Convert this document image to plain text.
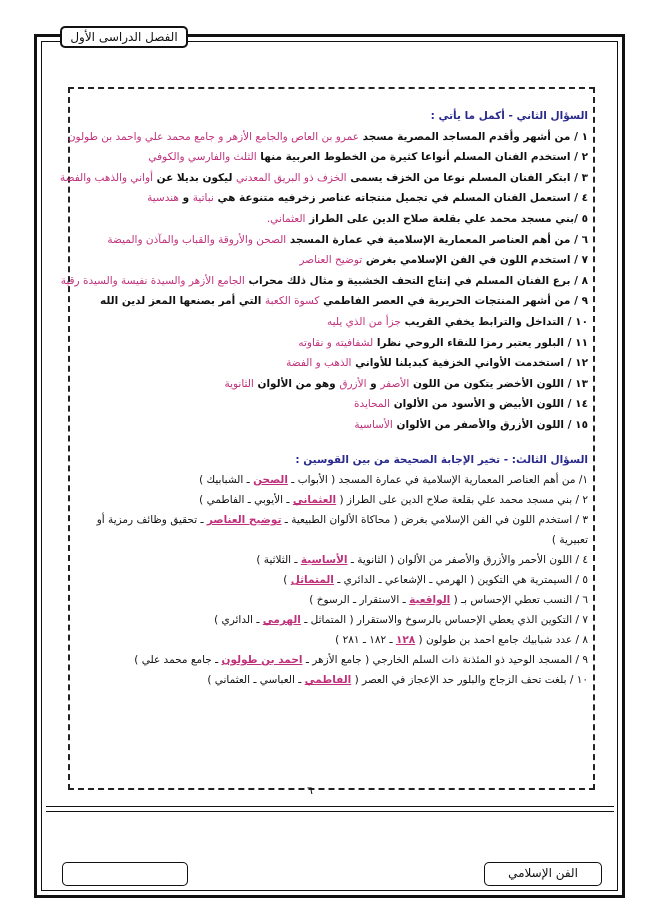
الفصل الدراسى الأول

السؤال الثاني - أكمل ما يأتي :

١ / من أشهر وأقدم المساجد المصرية مسجد عمرو بن العاص والجامع الأزهر و جامع محمد علي واحمد بن طولون

٢ / استخدم الفنان المسلم أنواعا كثيرة من الخطوط العربية منها الثلث والفارسي والكوفي

٣ / ابتكر الفنان المسلم نوعا من الخزف يسمى الخزف ذو البريق المعدني ليكون بديلا عن أواني والذهب والفضة

٤ / استعمل الفنان المسلم في تجميل منتجاته عناصر زخرفيه متنوعة هي نباتية و هندسية

٥ /بني مسجد محمد علي بقلعة صلاح الدين على الطراز العثماني.

٦ / من أهم العناصر المعمارية الإسلامية في عمارة المسجد الصحن والأروقة والقباب والمآذن والميضة

٧ / استخدم اللون في الفن الإسلامي بغرض توضيح العناصر

٨ / برع الفنان المسلم في إنتاج التحف الخشبية و مثال ذلك محراب الجامع الأزهر والسيدة نفيسة والسيدة رقية

٩ / من أشهر المنتجات الحريرية في العصر الفاطمي كسوة الكعبة التي أمر بصنعها المعز لدين الله

١٠ / التداخل والترابط يخفي القريب جزأ من الذي يليه

١١ / البلور يعتبر رمزا للنقاء الروحي نظرا لشفافيته و نقاوته

١٢ / استخدمت الأواني الخزفية كبديلنا للأواني الذهب و الفضة

١٣ / اللون الأخضر يتكون من اللون الأصفر و الأزرق وهو من الألوان الثانوية

١٤ / اللون الأبيض و الأسود من الألوان المحايدة

١٥ / اللون الأزرق والأصفر من الألوان الأساسية

السؤال الثالث: - تخير الإجابة الصحيحة من بين القوسين :

١/ من أهم العناصر المعمارية الإسلامية في عمارة المسجد ( الأبواب ـ الصحن ـ الشبابيك )

٢ / بني مسجد محمد علي بقلعة صلاح الدين على الطراز ( العثماني ـ الأيوبي ـ الفاطمي )

٣ / استخدم اللون في الفن الإسلامي بغرض ( محاكاة الألوان الطبيعية ـ توضيح العناصر ـ تحقيق وظائف رمزية أو تعبيرية )

٤ / اللون الأحمر والأزرق والأصفر من الألوان ( الثانوية ـ الأساسية ـ الثلاثية )

٥ / السيمترية هي التكوين ( الهرمي ـ الإشعاعي ـ الدائري ـ المتماثل )

٦ / النسب تعطي الإحساس بـ ( الواقعية ـ الاستقرار ـ الرسوخ )

٧ / التكوين الذي يعطي الإحساس بالرسوخ والاستقرار ( المتماثل ـ الهرمي ـ الدائري )

٨ / عدد شبابيك جامع احمد بن طولون ( ١٢٨ ـ ١٨٢ ـ ٢٨١ )

٩ / المسجد الوحيد ذو المئذنة ذات السلم الخارجي ( جامع الأزهر ـ احمد بن طولون ـ جامع محمد علي )

١٠ / بلغت تحف الزجاج والبلور حد الإعجاز في العصر ( الفاطمي ـ العباسي ـ العثماني )

٦
الفن الإسلامي
